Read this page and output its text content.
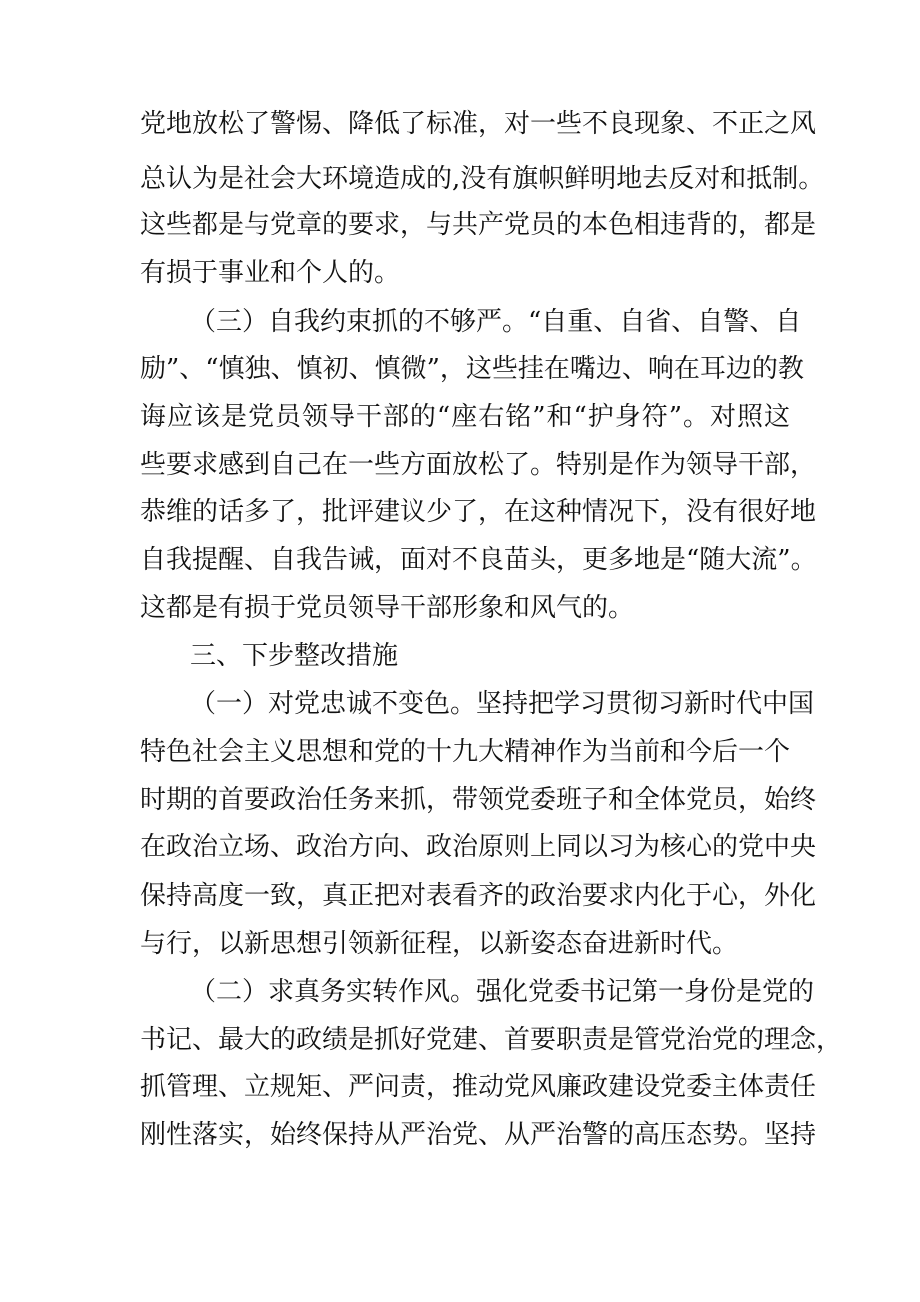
党地放松了警惕、降低了标准，对一些不良现象、不正之风
总认为是社会大环境造成的,没有旗帜鲜明地去反对和抵制。
这些都是与党章的要求，与共产党员的本色相违背的，都是
有损于事业和个人的。
（三）自我约束抓的不够严。“自重、自省、自警、自
励”、“慎独、慎初、慎微”，这些挂在嘴边、响在耳边的教
诲应该是党员领导干部的“座右铭”和“护身符”。对照这
些要求感到自己在一些方面放松了。特别是作为领导干部，
恭维的话多了，批评建议少了，在这种情况下，没有很好地
自我提醒、自我告诫，面对不良苗头，更多地是“随大流”。
这都是有损于党员领导干部形象和风气的。
三、下步整改措施
（一）对党忠诚不变色。坚持把学习贯彻习新时代中国
特色社会主义思想和党的十九大精神作为当前和今后一个
时期的首要政治任务来抓，带领党委班子和全体党员，始终
在政治立场、政治方向、政治原则上同以习为核心的党中央
保持高度一致，真正把对表看齐的政治要求内化于心，外化
与行，以新思想引领新征程，以新姿态奋进新时代。
（二）求真务实转作风。强化党委书记第一身份是党的
书记、最大的政绩是抓好党建、首要职责是管党治党的理念，
抓管理、立规矩、严问责，推动党风廉政建设党委主体责任
刚性落实，始终保持从严治党、从严治警的高压态势。坚持
